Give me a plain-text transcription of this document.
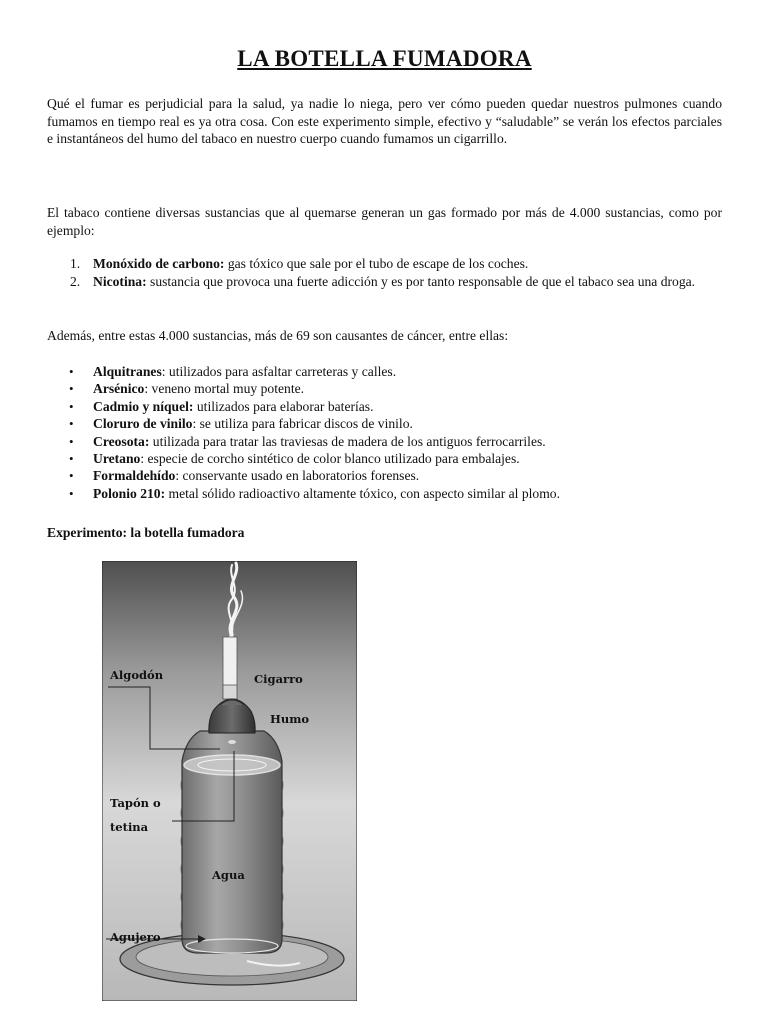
LA BOTELLA FUMADORA

Qué el fumar es perjudicial para la salud, ya nadie lo niega, pero ver cómo pueden quedar nuestros pulmones cuando fumamos en tiempo real es ya otra cosa. Con este experimento simple, efectivo y “saludable” se verán los efectos parciales e instantáneos del humo del tabaco en nuestro cuerpo cuando fumamos un cigarrillo.

El tabaco contiene diversas sustancias que al quemarse generan un gas formado por más de 4.000 sustancias, como por ejemplo:

1. Monóxido de carbono: gas tóxico que sale por el tubo de escape de los coches.
2. Nicotina: sustancia que provoca una fuerte adicción y es por tanto responsable de que el tabaco sea una droga.

Además, entre estas 4.000 sustancias, más de 69 son causantes de cáncer, entre ellas:

• Alquitranes: utilizados para asfaltar carreteras y calles.
• Arsénico: veneno mortal muy potente.
• Cadmio y níquel: utilizados para elaborar baterías.
• Cloruro de vinilo: se utiliza para fabricar discos de vinilo.
• Creosota: utilizada para tratar las traviesas de madera de los antiguos ferrocarriles.
• Uretano: especie de corcho sintético de color blanco utilizado para embalajes.
• Formaldehído: conservante usado en laboratorios forenses.
• Polonio 210: metal sólido radioactivo altamente tóxico, con aspecto similar al plomo.

Experimento: la botella fumadora

Algodón	Cigarro
Humo
Tapón o
tetina
Agua
Agujero
